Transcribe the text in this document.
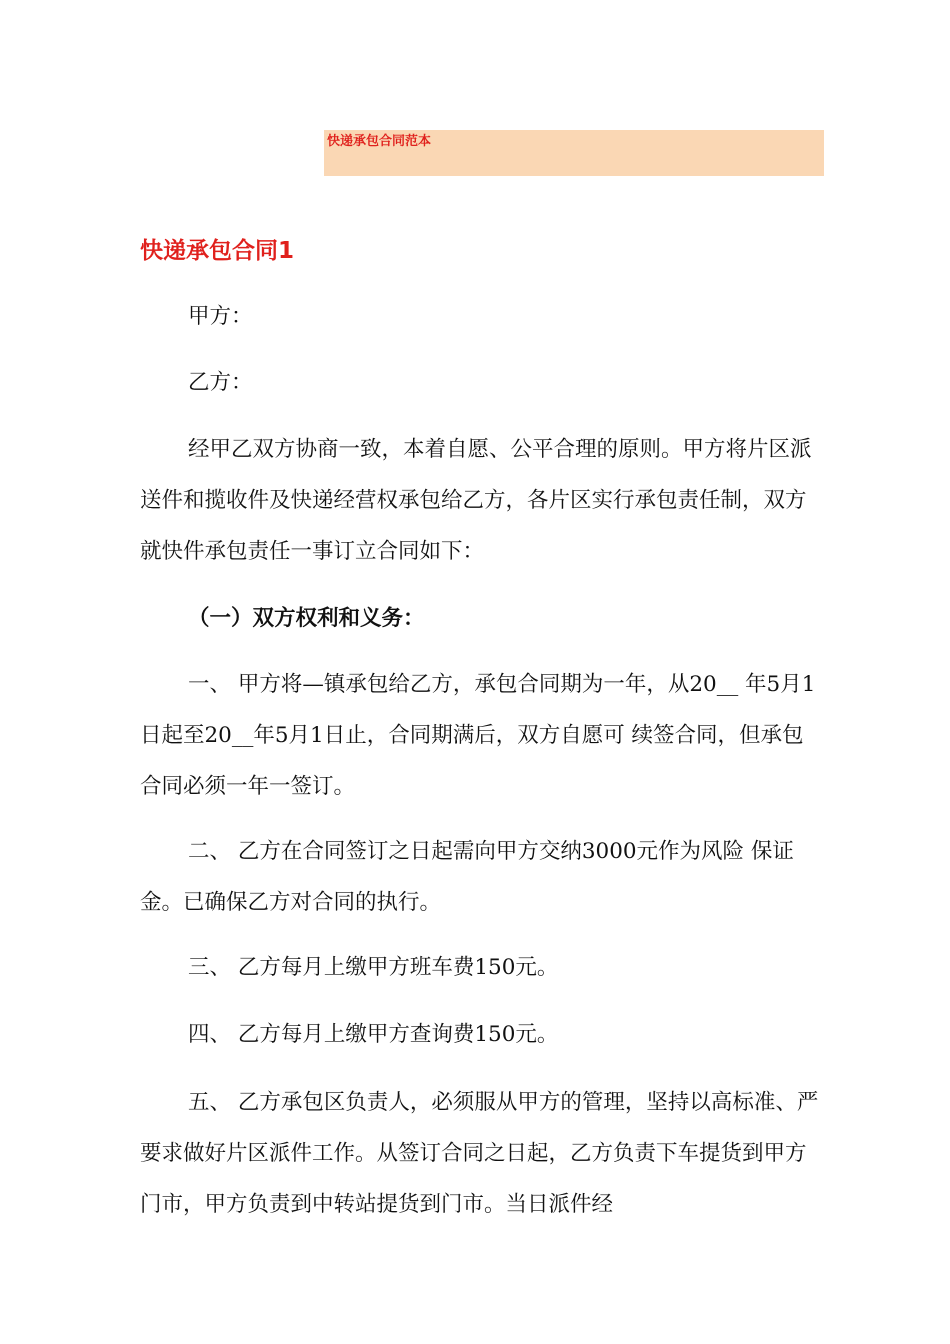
快递承包合同范本
快递承包合同1

甲方：

乙方：

经甲乙双方协商一致，本着自愿、公平合理的原则。甲方将片区派送件和揽收件及快递经营权承包给乙方，各片区实行承包责任制，双方就快件承包责任一事订立合同如下：

（一）双方权利和义务：

一、 甲方将—镇承包给乙方，承包合同期为一年，从20__ 年5月1日起至20__年5月1日止，合同期满后，双方自愿可 续签合同，但承包合同必须一年一签订。

二、 乙方在合同签订之日起需向甲方交纳3000元作为风险 保证金。已确保乙方对合同的执行。

三、 乙方每月上缴甲方班车费150元。

四、 乙方每月上缴甲方查询费150元。

五、 乙方承包区负责人，必须服从甲方的管理，坚持以高标准、严要求做好片区派件工作。从签订合同之日起，乙方负责下车提货到甲方门市，甲方负责到中转站提货到门市。当日派件经
